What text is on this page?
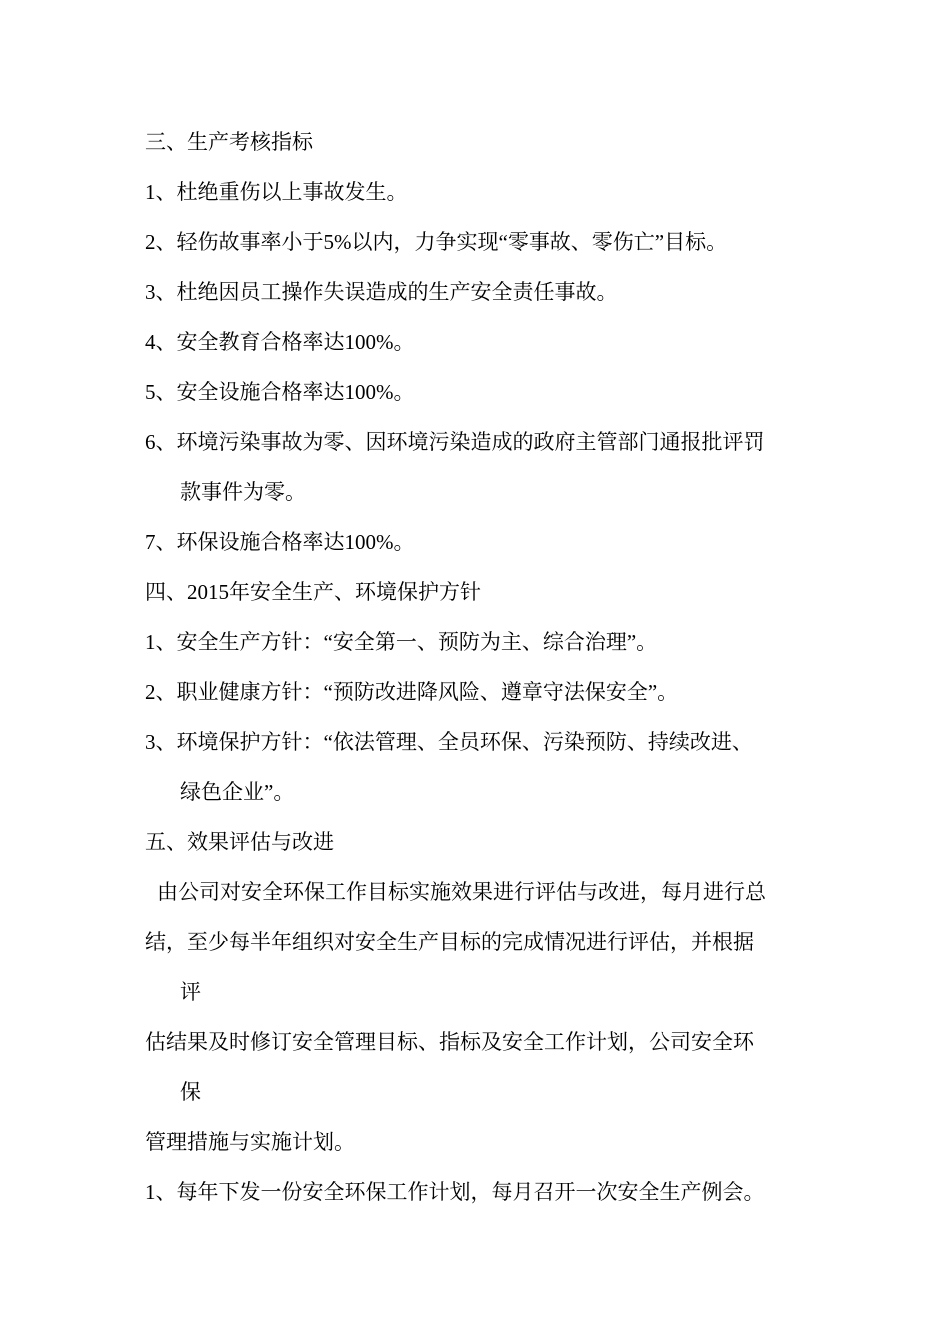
三、生产考核指标
1、杜绝重伤以上事故发生。
2、轻伤故事率小于5%以内，力争实现“零事故、零伤亡”目标。
3、杜绝因员工操作失误造成的生产安全责任事故。
4、安全教育合格率达100%。
5、安全设施合格率达100%。
6、环境污染事故为零、因环境污染造成的政府主管部门通报批评罚
款事件为零。
7、环保设施合格率达100%。
四、2015年安全生产、环境保护方针
1、安全生产方针：“安全第一、预防为主、综合治理”。
2、职业健康方针：“预防改进降风险、遵章守法保安全”。
3、环境保护方针：“依法管理、全员环保、污染预防、持续改进、
绿色企业”。
五、效果评估与改进
由公司对安全环保工作目标实施效果进行评估与改进，每月进行总
结，至少每半年组织对安全生产目标的完成情况进行评估，并根据
评
估结果及时修订安全管理目标、指标及安全工作计划，公司安全环
保
管理措施与实施计划。
1、每年下发一份安全环保工作计划，每月召开一次安全生产例会。
